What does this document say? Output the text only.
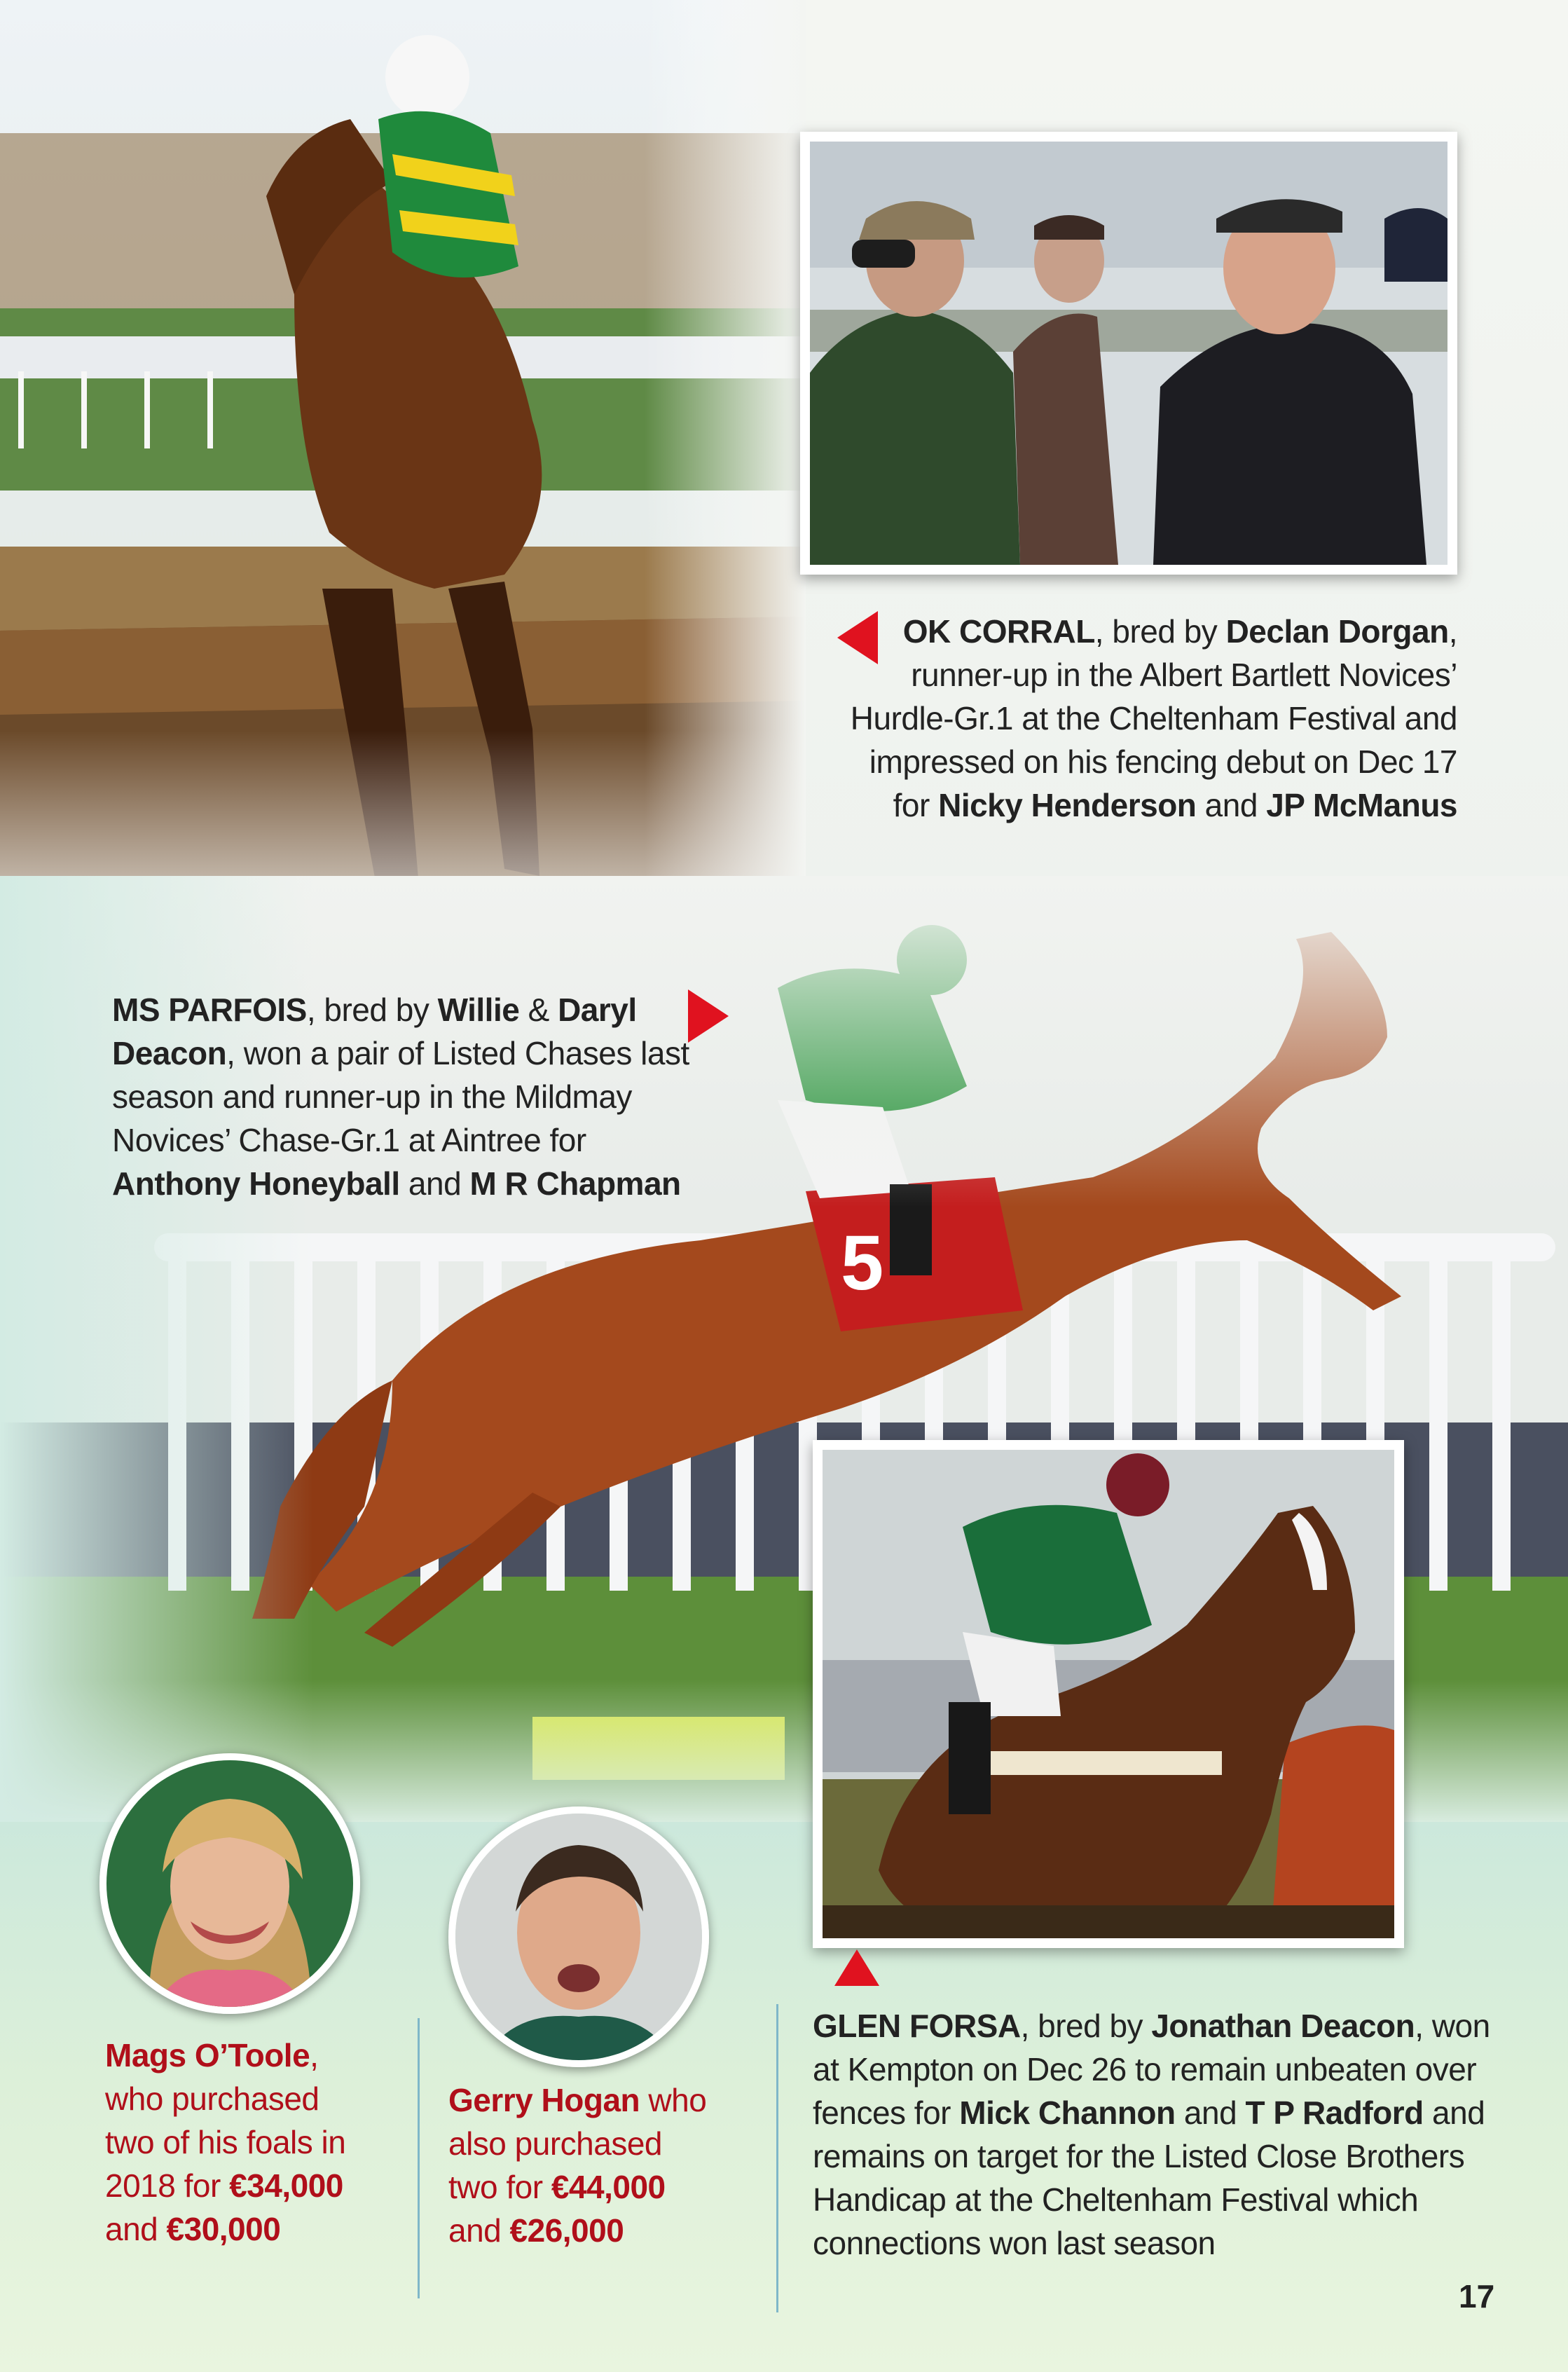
OK CORRAL, bred by Declan Dorgan,
runner-up in the Albert Bartlett Novices’
Hurdle-Gr.1 at the Cheltenham Festival and
impressed on his fencing debut on Dec 17
for Nicky Henderson and JP McManus
MS PARFOIS, bred by Willie & Daryl
Deacon, won a pair of Listed Chases last
season and runner-up in the Mildmay
Novices’ Chase-Gr.1 at Aintree for
Anthony Honeyball and M R Chapman
GLEN FORSA, bred by Jonathan Deacon, won
at Kempton on Dec 26 to remain unbeaten over
fences for Mick Channon and T P Radford and
remains on target for the Listed Close Brothers
Handicap at the Cheltenham Festival which
connections won last season
Mags O’Toole,
who purchased
two of his foals in
2018 for €34,000
and €30,000
Gerry Hogan who
also purchased
two for €44,000
and €26,000
17
